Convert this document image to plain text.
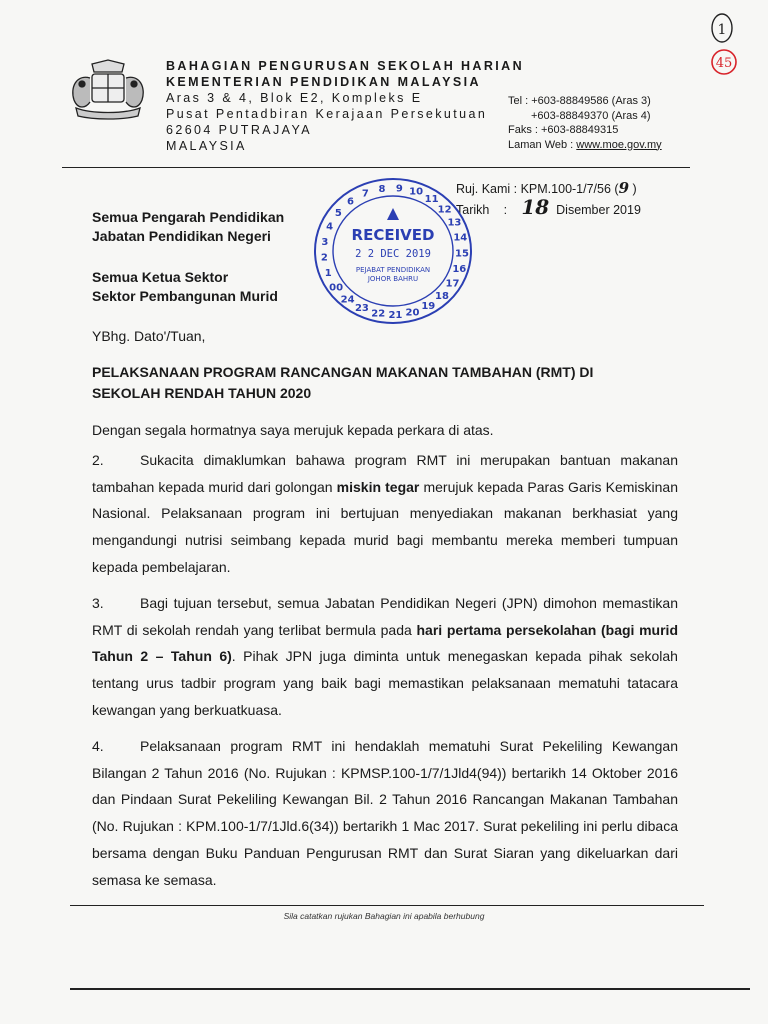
1
45
BAHAGIAN PENGURUSAN SEKOLAH HARIAN
KEMENTERIAN PENDIDIKAN MALAYSIA
Aras 3 & 4, Blok E2, Kompleks E
Pusat Pentadbiran Kerajaan Persekutuan
62604 PUTRAJAYA
MALAYSIA
Tel : +603-88849586 (Aras 3)
+603-88849370 (Aras 4)
Faks : +603-88849315
Laman Web : www.moe.gov.my
Ruj. Kami : KPM.100-1/7/56 (9 )
Tarikh : 18 Disember 2019
1
2
3
4
5
6
7 8 9 10
11
12
13
14
15
16
17
18
19
20
21
22
23
24
00
RECEIVED
2 2 DEC 2019
PEJABAT PENDIDIKAN
JOHOR BAHRU
Semua Pengarah Pendidikan
Jabatan Pendidikan Negeri
Semua Ketua Sektor
Sektor Pembangunan Murid
YBhg. Dato'/Tuan,
PELAKSANAAN PROGRAM RANCANGAN MAKANAN TAMBAHAN (RMT) DI
SEKOLAH RENDAH TAHUN 2020
Dengan segala hormatnya saya merujuk kepada perkara di atas.
2.	Sukacita dimaklumkan bahawa program RMT ini merupakan bantuan makanan tambahan kepada murid dari golongan miskin tegar merujuk kepada Paras Garis Kemiskinan Nasional. Pelaksanaan program ini bertujuan menyediakan makanan berkhasiat yang mengandungi nutrisi seimbang kepada murid bagi membantu mereka memberi tumpuan kepada pembelajaran.
3.	Bagi tujuan tersebut, semua Jabatan Pendidikan Negeri (JPN) dimohon memastikan RMT di sekolah rendah yang terlibat bermula pada hari pertama persekolahan (bagi murid Tahun 2 – Tahun 6). Pihak JPN juga diminta untuk menegaskan kepada pihak sekolah tentang urus tadbir program yang baik bagi memastikan pelaksanaan mematuhi tatacara kewangan yang berkuatkuasa.
4.	Pelaksanaan program RMT ini hendaklah mematuhi Surat Pekeliling Kewangan Bilangan 2 Tahun 2016 (No. Rujukan : KPMSP.100-1/7/1Jld4(94)) bertarikh 14 Oktober 2016 dan Pindaan Surat Pekeliling Kewangan Bil. 2 Tahun 2016 Rancangan Makanan Tambahan (No. Rujukan : KPM.100-1/7/1Jld.6(34)) bertarikh 1 Mac 2017. Surat pekeliling ini perlu dibaca bersama dengan Buku Panduan Pengurusan RMT dan Surat Siaran yang dikeluarkan dari semasa ke semasa.
Sila catatkan rujukan Bahagian ini apabila berhubung
